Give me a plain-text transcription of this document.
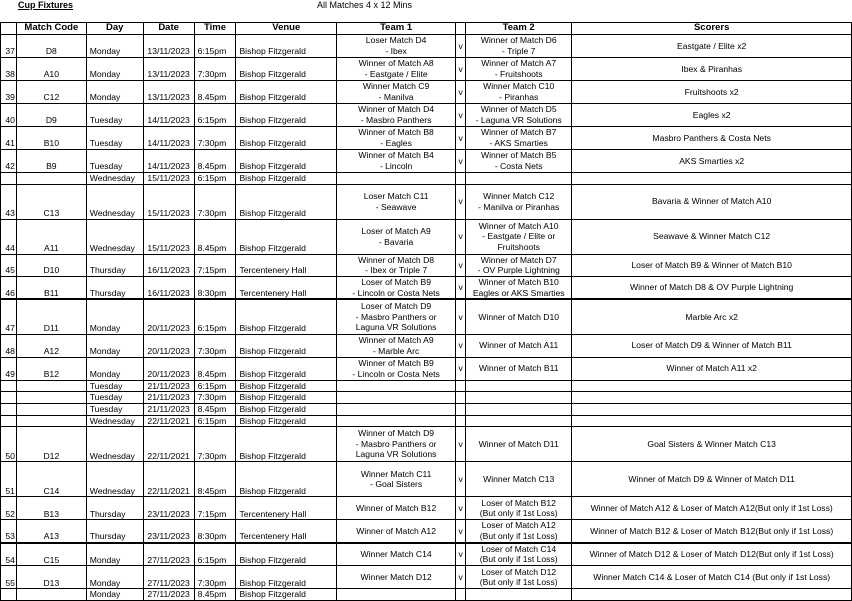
Cup Fixtures	All Matches 4 x 12 Mins
	Match Code	Day	Date	Time	Venue	Team 1		Team 2	Scorers
37	D8	Monday	13/11/2023	6:15pm	Bishop Fitzgerald	Loser Match D4
- Ibex	v	Winner of Match D6
- Triple 7	Eastgate / Elite x2
38	A10	Monday	13/11/2023	7:30pm	Bishop Fitzgerald	Winner of Match A8
- Eastgate / Elite	v	Winner of Match A7
- Fruitshoots	Ibex & Piranhas
39	C12	Monday	13/11/2023	8.45pm	Bishop Fitzgerald	Winner Match C9
- Manilva	v	Winner Match C10
- Piranhas	Fruitshoots x2
40	D9	Tuesday	14/11/2023	6:15pm	Bishop Fitzgerald	Winner of Match D4
- Masbro Panthers	v	Winner of Match D5
- Laguna VR Solutions	Eagles x2
41	B10	Tuesday	14/11/2023	7:30pm	Bishop Fitzgerald	Winner of Match B8
- Eagles	v	Winner of Match B7
- AKS Smarties	Masbro Panthers & Costa Nets
42	B9	Tuesday	14/11/2023	8.45pm	Bishop Fitzgerald	Winner of Match B4
- Lincoln	v	Winner of Match B5
- Costa Nets	AKS Smarties x2
		Wednesday	15/11/2023	6:15pm	Bishop Fitzgerald				
43	C13	Wednesday	15/11/2023	7:30pm	Bishop Fitzgerald	Loser Match C11
- Seawave	v	Winner Match C12
- Manilva or Piranhas	Bavaria & Winner of Match A10
44	A11	Wednesday	15/11/2023	8.45pm	Bishop Fitzgerald	Loser of Match A9
- Bavaria	v	Winner of Match A10
- Eastgate / Elite or
Fruitshoots	Seawave & Winner Match C12
45	D10	Thursday	16/11/2023	7:15pm	Tercentenery Hall	Winner of Match D8
- Ibex or Triple 7	v	Winner of Match D7
- OV Purple Lightning	Loser of Match B9 & Winner of Match B10
46	B11	Thursday	16/11/2023	8:30pm	Tercentenery Hall	Loser of Match B9
- Lincoln or Costa Nets	v	Winner of Match B10
Eagles or AKS Smarties	Winner of Match D8 & OV Purple Lightning
47	D11	Monday	20/11/2023	6:15pm	Bishop Fitzgerald	Loser of Match D9
- Masbro Panthers or
Laguna VR Solutions	v	Winner of Match D10	Marble Arc x2
48	A12	Monday	20/11/2023	7:30pm	Bishop Fitzgerald	Winner of Match A9
- Marble Arc	v	Winner of Match A11	Loser of Match D9 & Winner of Match B11
49	B12	Monday	20/11/2023	8.45pm	Bishop Fitzgerald	Winner of Match B9
- Lincoln or Costa Nets	v	Winner of Match B11	Winner of Match A11 x2
		Tuesday	21/11/2023	6:15pm	Bishop Fitzgerald				
		Tuesday	21/11/2023	7:30pm	Bishop Fitzgerald				
		Tuesday	21/11/2023	8.45pm	Bishop Fitzgerald				
		Wednesday	22/11/2021	6:15pm	Bishop Fitzgerald				
50	D12	Wednesday	22/11/2021	7:30pm	Bishop Fitzgerald	Winner of Match D9
- Masbro Panthers or
Laguna VR Solutions	v	Winner of Match D11	Goal Sisters & Winner Match C13
51	C14	Wednesday	22/11/2021	8:45pm	Bishop Fitzgerald	Winner Match C11
- Goal Sisters	v	Winner Match C13	Winner of Match D9 & Winner of Match D11
52	B13	Thursday	23/11/2023	7:15pm	Tercentenery Hall	Winner of Match B12	v	Loser of Match B12
(But only if 1st Loss)	Winner of Match A12 & Loser of Match A12(But only if 1st Loss)
53	A13	Thursday	23/11/2023	8:30pm	Tercentenery Hall	Winner of Match A12	v	Loser of Match A12
(But only if 1st Loss)	Winner of Match B12 & Loser of Match B12(But only if 1st Loss)
54	C15	Monday	27/11/2023	6:15pm	Bishop Fitzgerald	Winner Match C14	v	Loser of Match C14
(But only if 1st Loss)	Winner of Match D12 & Loser of Match D12(But only if 1st Loss)
55	D13	Monday	27/11/2023	7:30pm	Bishop Fitzgerald	Winner Match D12	v	Loser of Match D12
(But only if 1st Loss)	Winner Match C14 & Loser of Match C14 (But only if 1st Loss)
		Monday	27/11/2023	8.45pm	Bishop Fitzgerald				
